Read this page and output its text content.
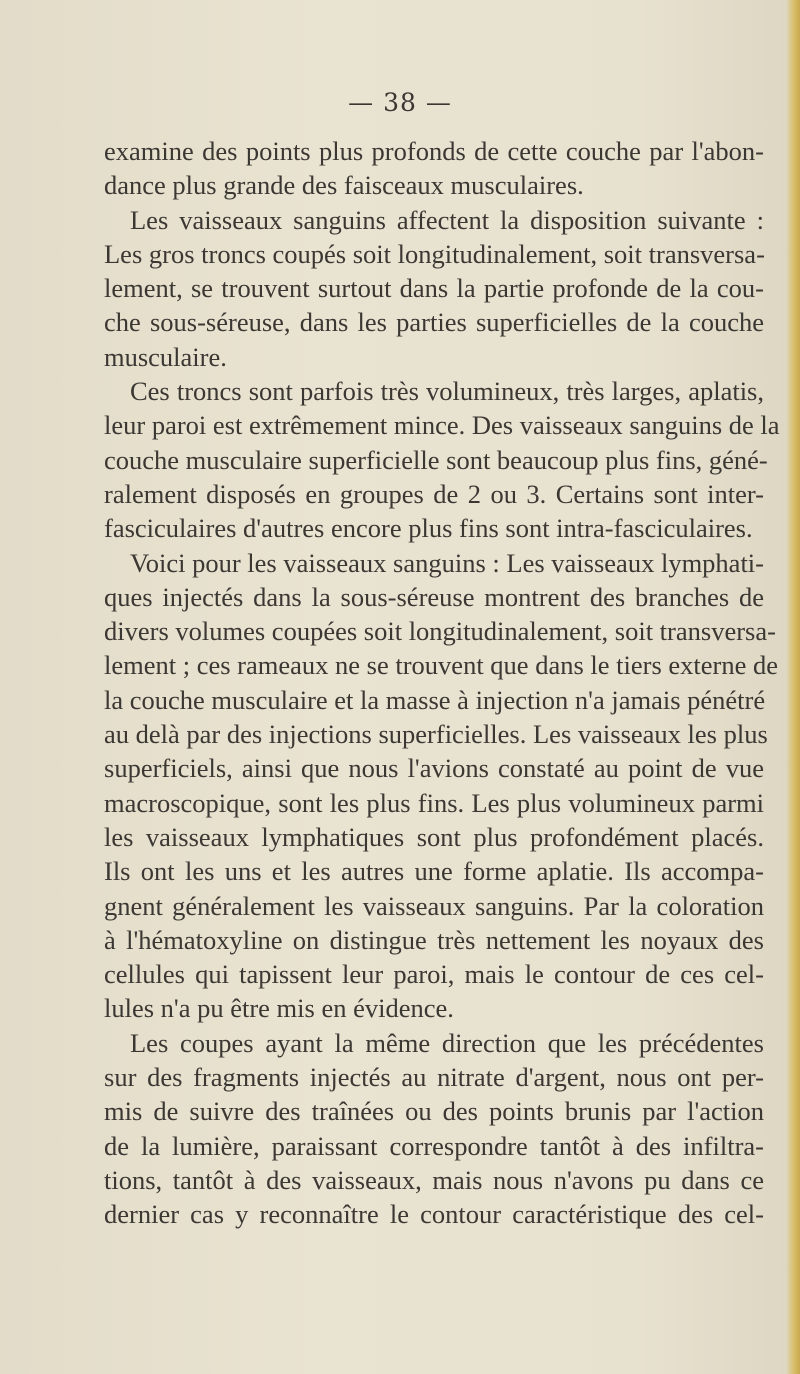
— 38 —
examine des points plus profonds de cette couche par l'abon-
dance plus grande des faisceaux musculaires.
Les vaisseaux sanguins affectent la disposition suivante :
Les gros troncs coupés soit longitudinalement, soit transversa-
lement, se trouvent surtout dans la partie profonde de la cou-
che sous-séreuse, dans les parties superficielles de la couche
musculaire.
Ces troncs sont parfois très volumineux, très larges, aplatis,
leur paroi est extrêmement mince. Des vaisseaux sanguins de la
couche musculaire superficielle sont beaucoup plus fins, géné-
ralement disposés en groupes de 2 ou 3. Certains sont inter-
fasciculaires d'autres encore plus fins sont intra-fasciculaires.
Voici pour les vaisseaux sanguins : Les vaisseaux lymphati-
ques injectés dans la sous-séreuse montrent des branches de
divers volumes coupées soit longitudinalement, soit transversa-
lement ; ces rameaux ne se trouvent que dans le tiers externe de
la couche musculaire et la masse à injection n'a jamais pénétré
au delà par des injections superficielles. Les vaisseaux les plus
superficiels, ainsi que nous l'avions constaté au point de vue
macroscopique, sont les plus fins. Les plus volumineux parmi
les vaisseaux lymphatiques sont plus profondément placés.
Ils ont les uns et les autres une forme aplatie. Ils accompa-
gnent généralement les vaisseaux sanguins. Par la coloration
à l'hématoxyline on distingue très nettement les noyaux des
cellules qui tapissent leur paroi, mais le contour de ces cel-
lules n'a pu être mis en évidence.
Les coupes ayant la même direction que les précédentes
sur des fragments injectés au nitrate d'argent, nous ont per-
mis de suivre des traînées ou des points brunis par l'action
de la lumière, paraissant correspondre tantôt à des infiltra-
tions, tantôt à des vaisseaux, mais nous n'avons pu dans ce
dernier cas y reconnaître le contour caractéristique des cel-
